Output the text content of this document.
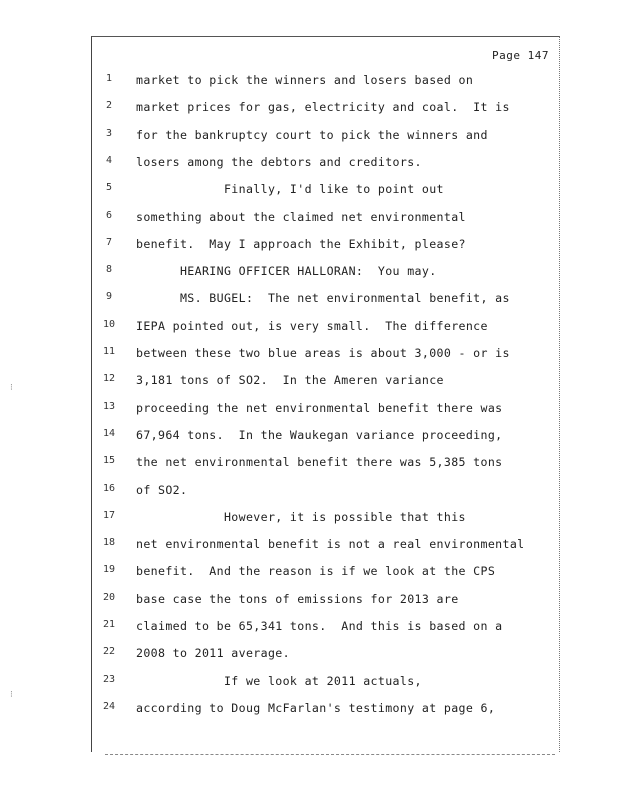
⁝
⁝
Page 147
1	market to pick the winners and losers based on
2	market prices for gas, electricity and coal.  It is
3	for the bankruptcy court to pick the winners and
4	losers among the debtors and creditors.
5	Finally, I'd like to point out
6	something about the claimed net environmental
7	benefit.  May I approach the Exhibit, please?
8	HEARING OFFICER HALLORAN:  You may.
9	MS. BUGEL:  The net environmental benefit, as
10 IEPA pointed out, is very small.  The difference
11 between these two blue areas is about 3,000 - or is
12 3,181 tons of SO2.  In the Ameren variance
13 proceeding the net environmental benefit there was
14 67,964 tons.  In the Waukegan variance proceeding,
15 the net environmental benefit there was 5,385 tons
16 of SO2.
17 However, it is possible that this
18 net environmental benefit is not a real environmental
19 benefit.  And the reason is if we look at the CPS
20 base case the tons of emissions for 2013 are
21 claimed to be 65,341 tons.  And this is based on a
22 2008 to 2011 average.
23 If we look at 2011 actuals,
24 according to Doug McFarlan's testimony at page 6,
